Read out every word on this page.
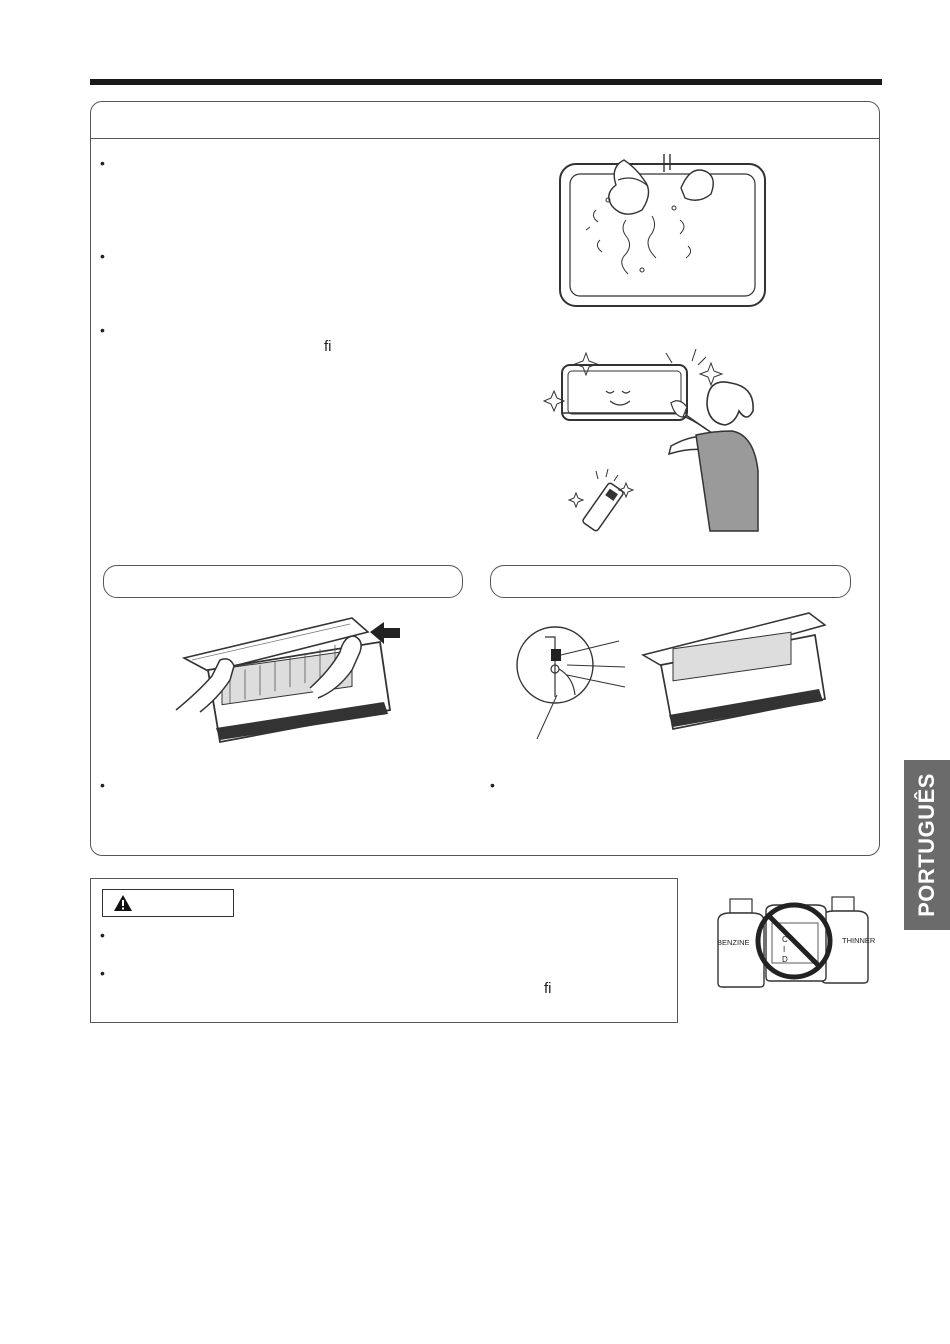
•
•
•
fi
•	•
•
•
fi
BENZINE	THINNER
C
I
D
PORTUGUÊS
